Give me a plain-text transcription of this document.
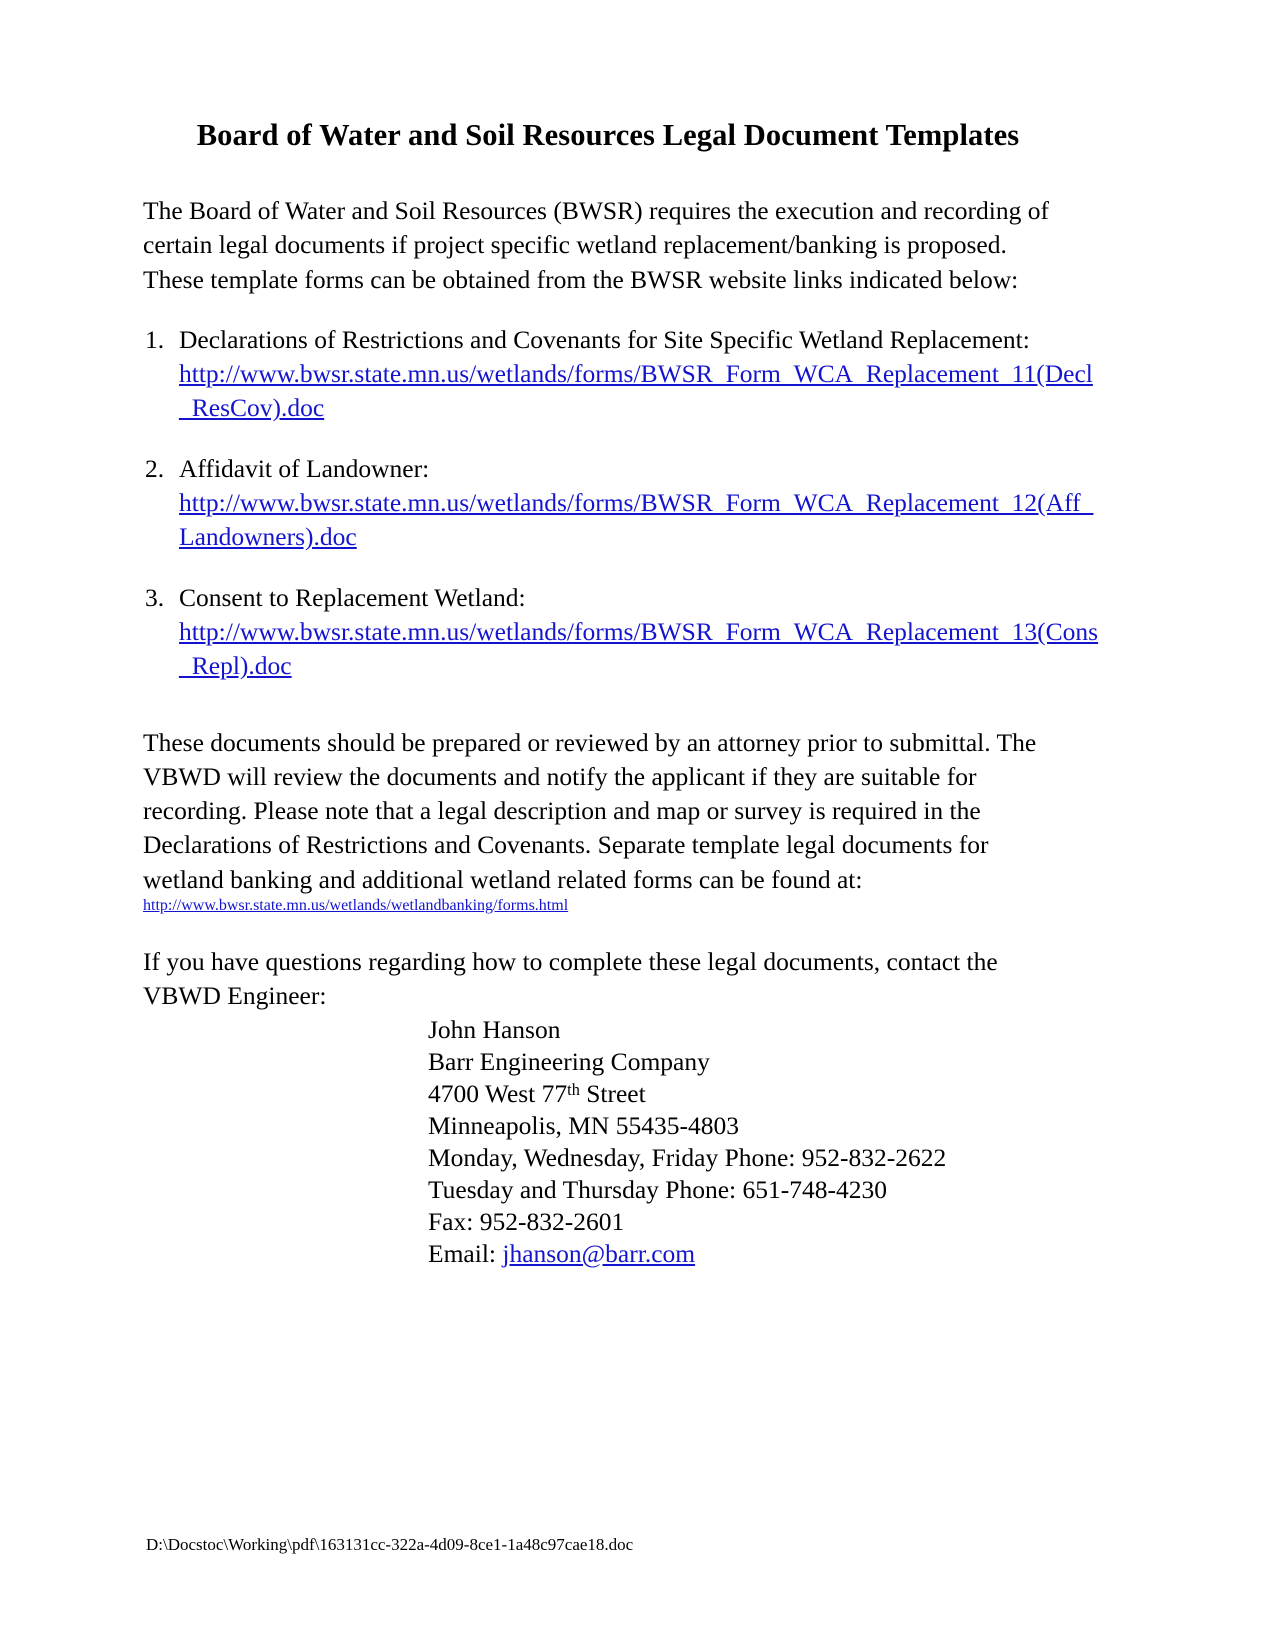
Board of Water and Soil Resources Legal Document Templates

The Board of Water and Soil Resources (BWSR) requires the execution and recording of certain legal documents if project specific wetland replacement/banking is proposed. These template forms can be obtained from the BWSR website links indicated below:

1. Declarations of Restrictions and Covenants for Site Specific Wetland Replacement:
http://www.bwsr.state.mn.us/wetlands/forms/BWSR_Form_WCA_Replacement_11(Decl
_ResCov).doc
2. Affidavit of Landowner:
http://www.bwsr.state.mn.us/wetlands/forms/BWSR_Form_WCA_Replacement_12(Aff_
Landowners).doc
3. Consent to Replacement Wetland:
http://www.bwsr.state.mn.us/wetlands/forms/BWSR_Form_WCA_Replacement_13(Cons
_Repl).doc

These documents should be prepared or reviewed by an attorney prior to submittal. The VBWD will review the documents and notify the applicant if they are suitable for recording. Please note that a legal description and map or survey is required in the Declarations of Restrictions and Covenants. Separate template legal documents for wetland banking and additional wetland related forms can be found at:

http://www.bwsr.state.mn.us/wetlands/wetlandbanking/forms.html

If you have questions regarding how to complete these legal documents, contact the VBWD Engineer:

John Hanson
Barr Engineering Company
4700 West 77th Street
Minneapolis, MN 55435-4803
Monday, Wednesday, Friday Phone: 952-832-2622
Tuesday and Thursday Phone: 651-748-4230
Fax: 952-832-2601
Email: jhanson@barr.com
D:\Docstoc\Working\pdf\163131cc-322a-4d09-8ce1-1a48c97cae18.doc
